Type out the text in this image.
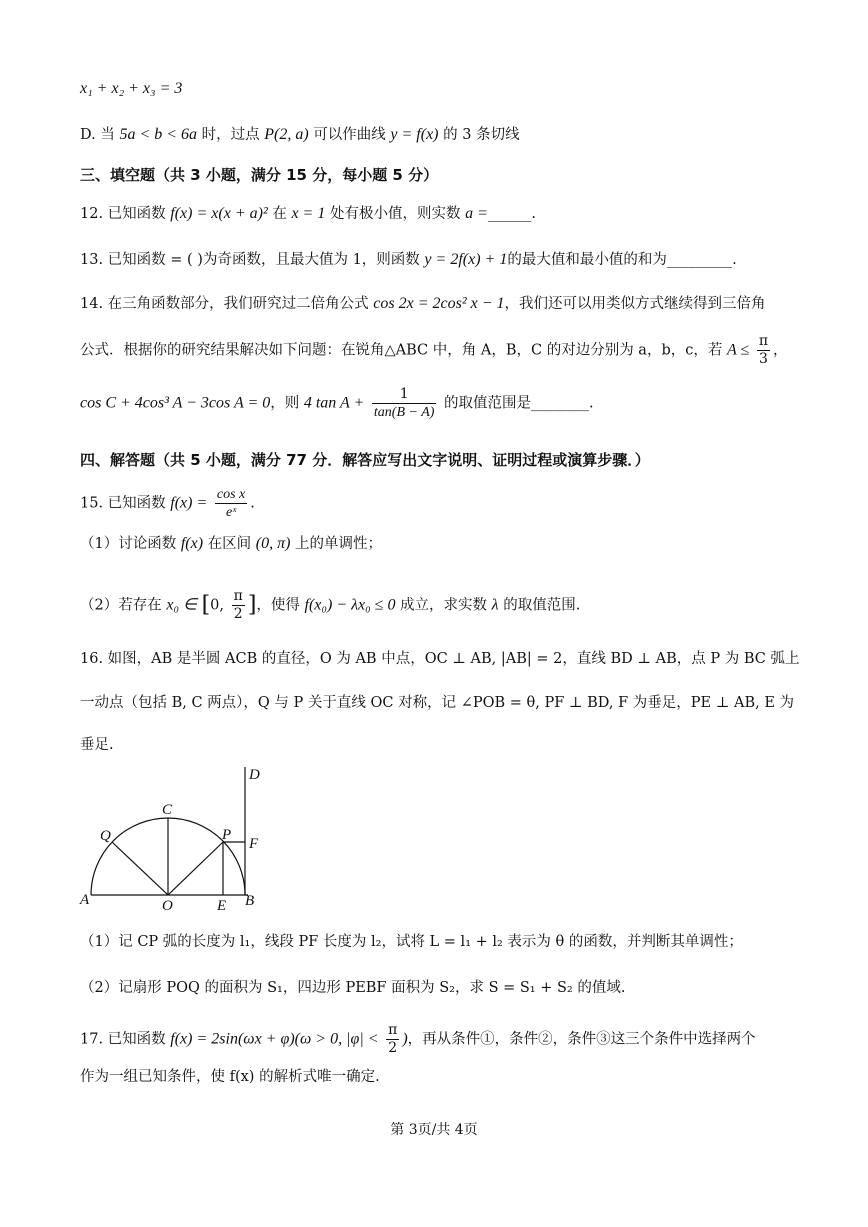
x₁ + x₂ + x₃ = 3
D. 当 5a < b < 6a 时，过点 P(2, a) 可以作曲线 y = f(x) 的 3 条切线
三、填空题（共 3 小题，满分 15 分，每小题 5 分）
12. 已知函数 f(x) = x(x + a)² 在 x = 1 处有极小值，则实数 a =______.
13. 已知函数 = ( )为奇函数，且最大值为 1，则函数 y = 2f(x) + 1的最大值和最小值的和为_________.
14. 在三角函数部分，我们研究过二倍角公式 cos 2x = 2cos² x − 1，我们还可以用类似方式继续得到三倍角
公式．根据你的研究结果解决如下问题：在锐角△ABC 中，角 A，B，C 的对边分别为 a，b，c，若 $A \le \frac{\pi}{3}$ ，
cos C + 4cos³ A − 3cos A = 0，则 4 $\tan A + \frac{1}{\tan(B - A)}$ 的取值范围是________.
四、解答题（共 5 小题，满分 77 分．解答应写出文字说明、证明过程或演算步骤．）
15. 已知函数 $f(x) = \frac{\text{cos x}}{\text{eˣ}}$ .
（1）讨论函数 f(x) 在区间 (0, π) 上的单调性；
（2）若存在 x₀ ∈ [0, $\frac{\pi}{2}$ ]，使得 f(x₀) − λx₀ ≤ 0 成立，求实数 λ 的取值范围.
16. 如图，AB 是半圆 ACB 的直径，O 为 AB 中点，OC ⊥ AB, |AB| = 2，直线 BD ⊥ AB，点 P 为 BC 弧上
一动点（包括 B, C 两点），Q 与 P 关于直线 OC 对称，记 ∠POB = θ, PF ⊥ BD, F 为垂足，PE ⊥ AB, E 为
垂足.
D
C
Q	P
F
A	O	E B
（1）记 CP 弧的长度为 l₁，线段 PF 长度为 l₂，试将 L = l₁ + l₂ 表示为 θ 的函数，并判断其单调性；
（2）记扇形 POQ 的面积为 S₁，四边形 PEBF 面积为 S₂，求 S = S₁ + S₂ 的值域.
17. 已知函数 f(x) = 2sin(ωx + φ)(ω > 0, $|\varphi| < \frac{\pi}{2}$ )，再从条件①，条件②，条件③这三个条件中选择两个
作为一组已知条件，使 f(x) 的解析式唯一确定.
第 3页/共 4页
